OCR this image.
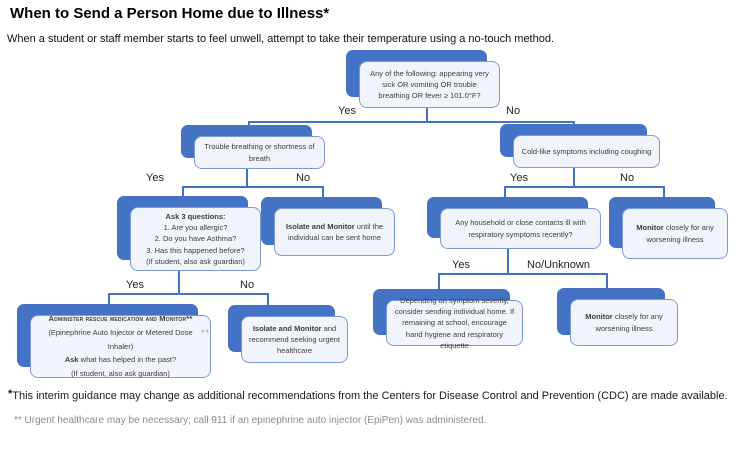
When to Send a Person Home due to Illness*
When a student or staff member starts to feel unwell, attempt to take their temperature using a no-touch method.
Yes	No
Yes	No	Yes	No
Yes	No/Unknown
Yes	No
Any of the following: appearing very sick OR vomiting OR trouble breathing OR fever ≥ 101.0°F?
Trouble breathing or shortness of breath
Cold-like symptoms including coughing
Ask 3 questions:
1. Are you allergic?
2. Do you have Asthma?
3. Has this happened before?
(If student, also ask guardian)
Isolate and Monitor until the individual can be sent home
Any household or close contacts ill with respiratory symptoms recently?
Monitor closely for any worsening illness
Administer rescue medication and Monitor**
(Epinephrine Auto Injector or Metered Dose Inhaler)
Ask what has helped in the past?
(If student, also ask guardian)
Isolate and Monitor and recommend seeking urgent healthcare
Depending on symptom severity, consider sending individual home. If remaining at school, encourage hand hygiene and respiratory etiquette
Monitor closely for any worsening illness
**
*This interim guidance may change as additional recommendations from the Centers for Disease Control and Prevention (CDC) are made available.
** Urgent healthcare may be necessary; call 911 if an epinephrine auto injector (EpiPen) was administered.
